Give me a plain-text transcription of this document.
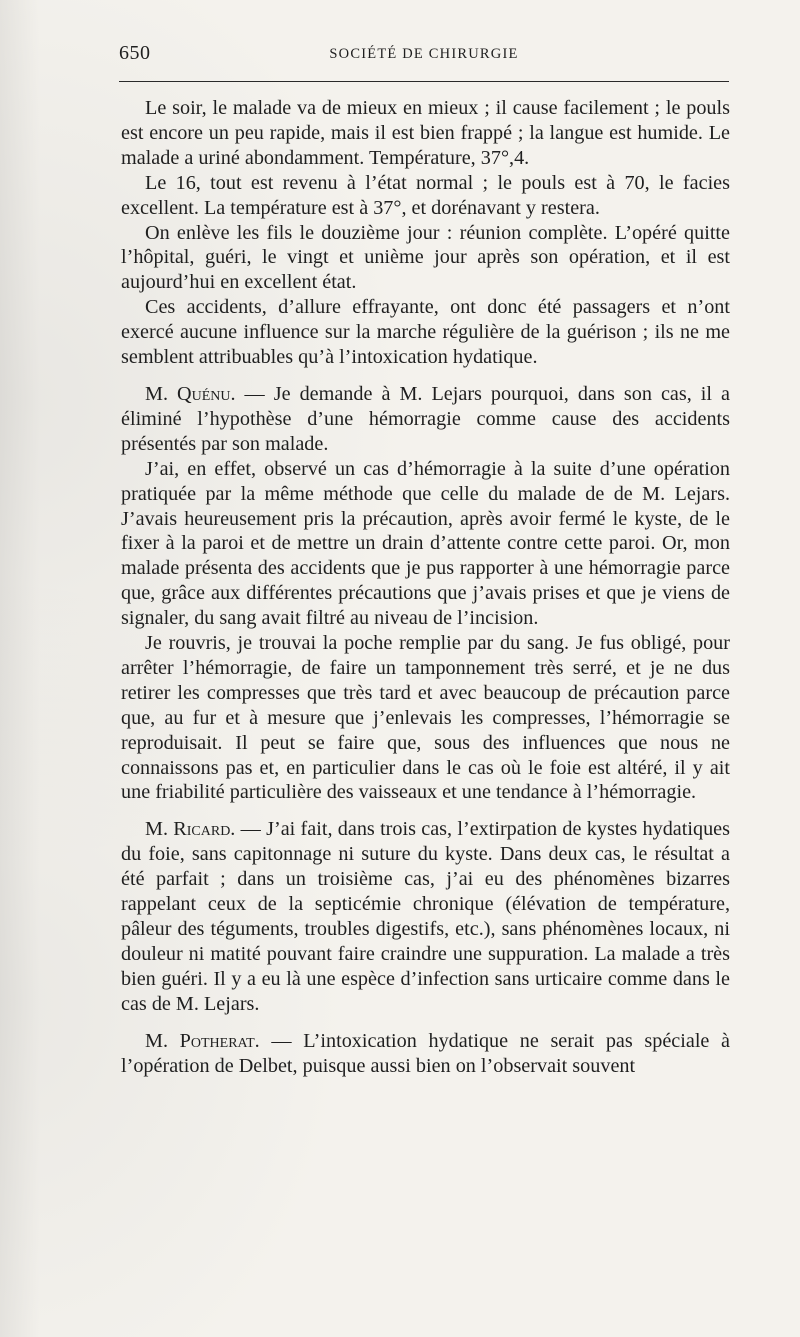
650	SOCIÉTÉ DE CHIRURGIE

Le soir, le malade va de mieux en mieux ; il cause facilement ; le pouls est encore un peu rapide, mais il est bien frappé ; la langue est humide. Le malade a uriné abondamment. Température, 37°,4.

Le 16, tout est revenu à l’état normal ; le pouls est à 70, le facies excellent. La température est à 37°, et dorénavant y restera.

On enlève les fils le douzième jour : réunion complète. L’opéré quitte l’hôpital, guéri, le vingt et unième jour après son opération, et il est aujourd’hui en excellent état.

Ces accidents, d’allure effrayante, ont donc été passagers et n’ont exercé aucune influence sur la marche régulière de la guérison ; ils ne me semblent attribuables qu’à l’intoxication hydatique.

M. Quénu. — Je demande à M. Lejars pourquoi, dans son cas, il a éliminé l’hypothèse d’une hémorragie comme cause des accidents présentés par son malade.

J’ai, en effet, observé un cas d’hémorragie à la suite d’une opération pratiquée par la même méthode que celle du malade de de M. Lejars. J’avais heureusement pris la précaution, après avoir fermé le kyste, de le fixer à la paroi et de mettre un drain d’attente contre cette paroi. Or, mon malade présenta des accidents que je pus rapporter à une hémorragie parce que, grâce aux différentes précautions que j’avais prises et que je viens de signaler, du sang avait filtré au niveau de l’incision.

Je rouvris, je trouvai la poche remplie par du sang. Je fus obligé, pour arrêter l’hémorragie, de faire un tamponnement très serré, et je ne dus retirer les compresses que très tard et avec beaucoup de précaution parce que, au fur et à mesure que j’enlevais les compresses, l’hémorragie se reproduisait. Il peut se faire que, sous des influences que nous ne connaissons pas et, en particulier dans le cas où le foie est altéré, il y ait une friabilité particulière des vaisseaux et une tendance à l’hémorragie.

M. Ricard. — J’ai fait, dans trois cas, l’extirpation de kystes hydatiques du foie, sans capitonnage ni suture du kyste. Dans deux cas, le résultat a été parfait ; dans un troisième cas, j’ai eu des phénomènes bizarres rappelant ceux de la septicémie chronique (élévation de température, pâleur des téguments, troubles digestifs, etc.), sans phénomènes locaux, ni douleur ni matité pouvant faire craindre une suppuration. La malade a très bien guéri. Il y a eu là une espèce d’infection sans urticaire comme dans le cas de M. Lejars.

M. Potherat. — L’intoxication hydatique ne serait pas spéciale à l’opération de Delbet, puisque aussi bien on l’observait souvent
